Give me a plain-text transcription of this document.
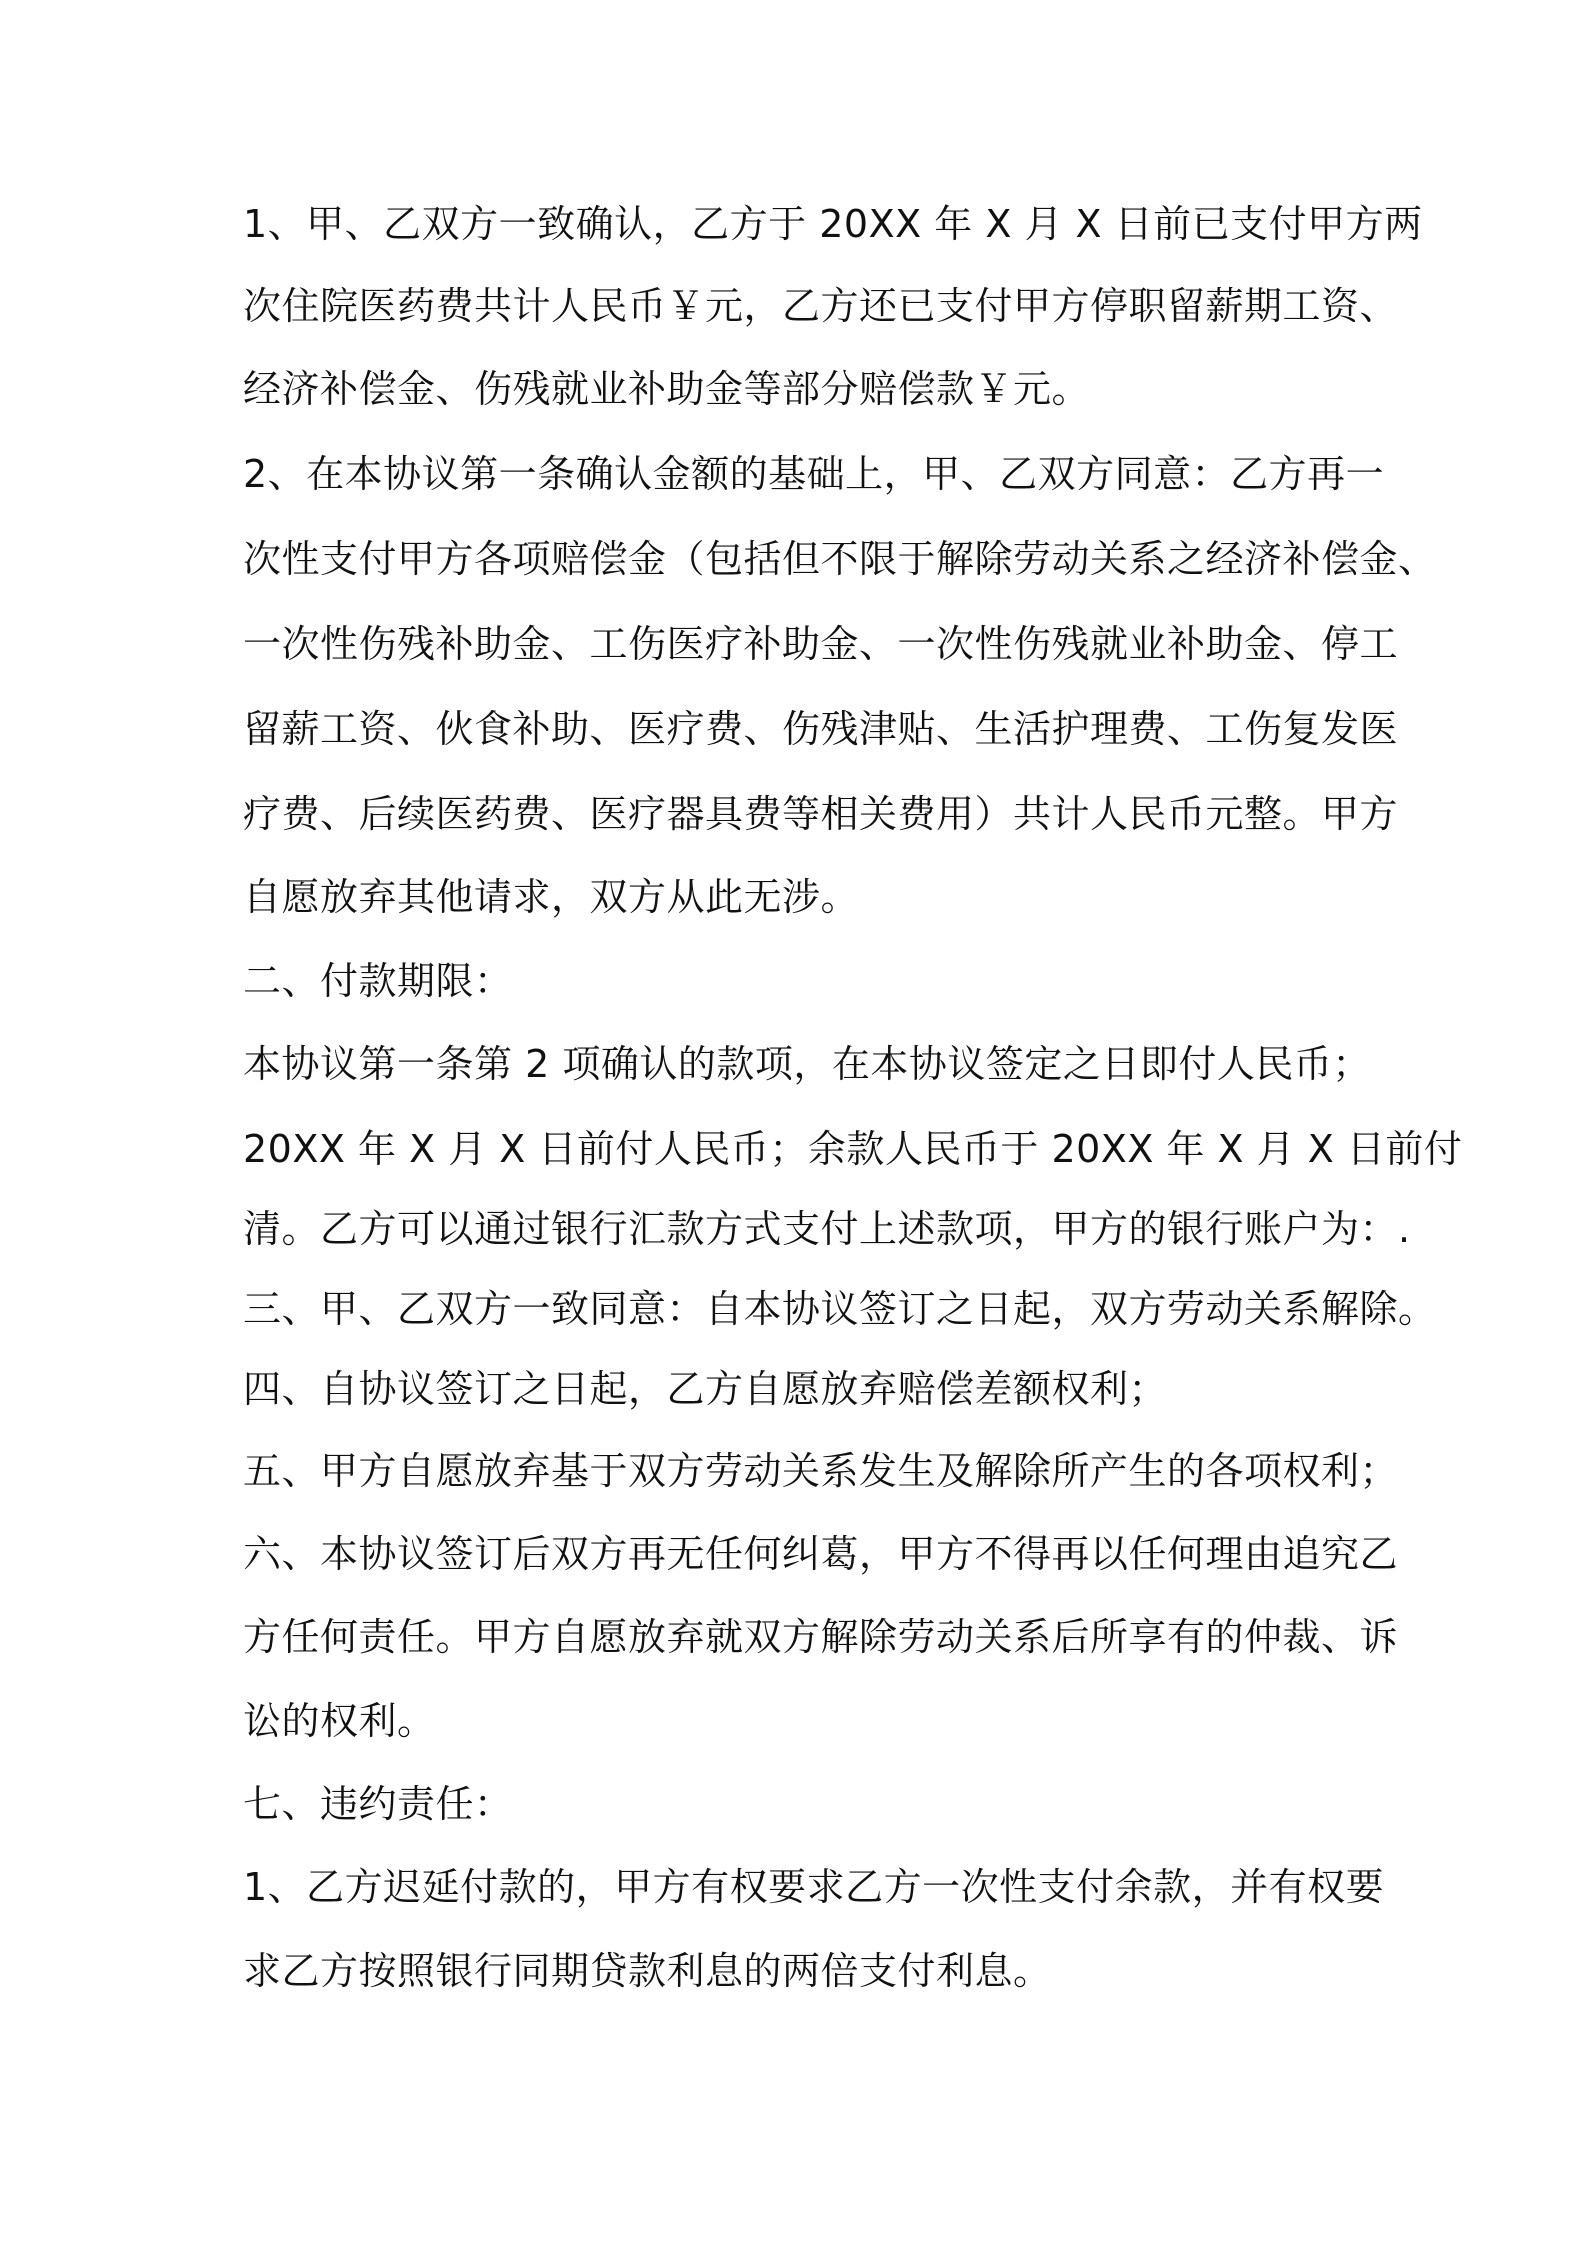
1、甲、乙双方一致确认，乙方于 20XX 年 X 月 X 日前已支付甲方两
次住院医药费共计人民币￥元，乙方还已支付甲方停职留薪期工资、
经济补偿金、伤残就业补助金等部分赔偿款￥元。
2、在本协议第一条确认金额的基础上，甲、乙双方同意：乙方再一
次性支付甲方各项赔偿金（包括但不限于解除劳动关系之经济补偿金、
一次性伤残补助金、工伤医疗补助金、一次性伤残就业补助金、停工
留薪工资、伙食补助、医疗费、伤残津贴、生活护理费、工伤复发医
疗费、后续医药费、医疗器具费等相关费用）共计人民币元整。甲方
自愿放弃其他请求，双方从此无涉。
二、付款期限：
本协议第一条第 2 项确认的款项，在本协议签定之日即付人民币；
20XX 年 X 月 X 日前付人民币；余款人民币于 20XX 年 X 月 X 日前付
清。乙方可以通过银行汇款方式支付上述款项，甲方的银行账户为：.
三、甲、乙双方一致同意：自本协议签订之日起，双方劳动关系解除。
四、自协议签订之日起，乙方自愿放弃赔偿差额权利；
五、甲方自愿放弃基于双方劳动关系发生及解除所产生的各项权利；
六、本协议签订后双方再无任何纠葛，甲方不得再以任何理由追究乙
方任何责任。甲方自愿放弃就双方解除劳动关系后所享有的仲裁、诉
讼的权利。
七、违约责任：
1、乙方迟延付款的，甲方有权要求乙方一次性支付余款，并有权要
求乙方按照银行同期贷款利息的两倍支付利息。
